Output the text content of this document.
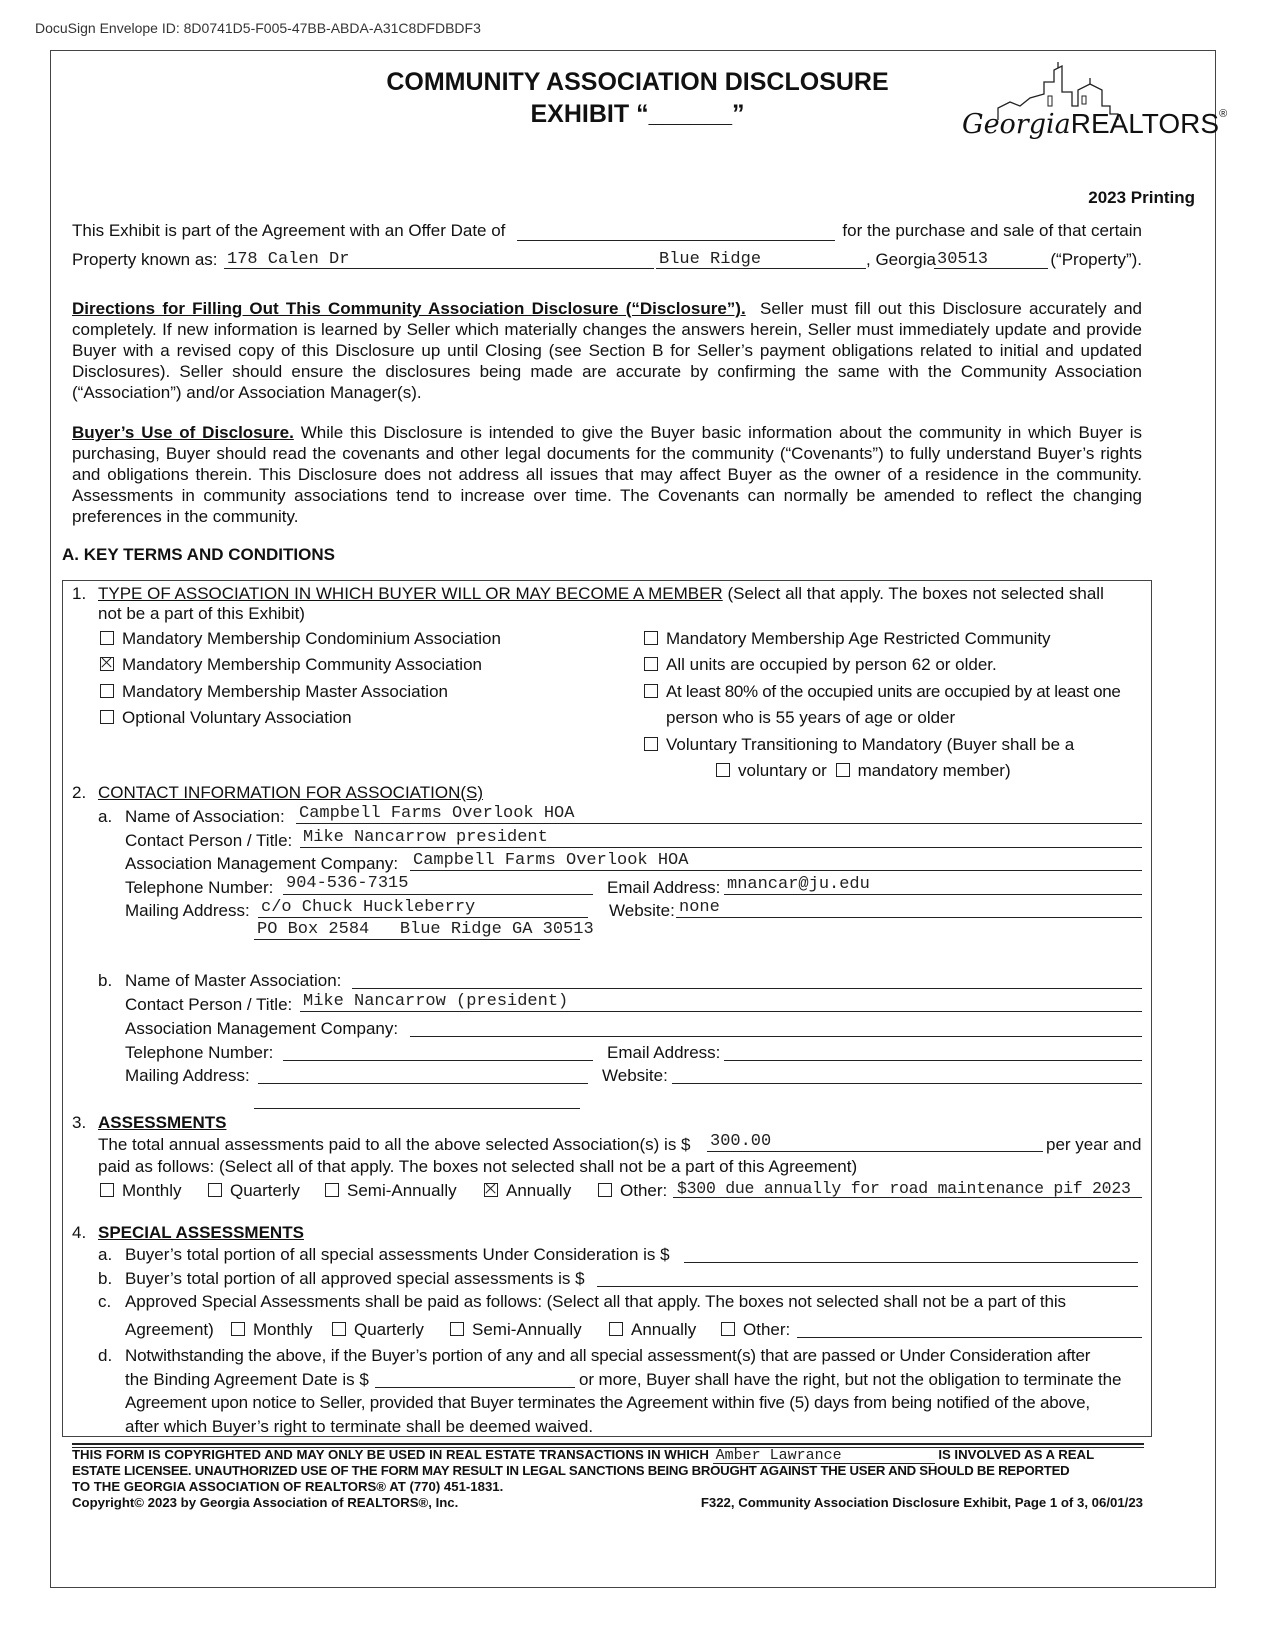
DocuSign Envelope ID: 8D0741D5-F005-47BB-ABDA-A31C8DFDBDF3
COMMUNITY ASSOCIATION DISCLOSURE
EXHIBIT “______”	GeorgiaREALTORS®
2023 Printing
This Exhibit is part of the Agreement with an Offer Date of	for the purchase and sale of that certain
Property known as: 178 Calen Dr	Blue Ridge	, Georgia 30513	(“Property”).
Directions for Filling Out This Community Association Disclosure (“Disclosure”). Seller must fill out this Disclosure accurately and completely. If new information is learned by Seller which materially changes the answers herein, Seller must immediately update and provide Buyer with a revised copy of this Disclosure up until Closing (see Section B for Seller’s payment obligations related to initial and updated Disclosures). Seller should ensure the disclosures being made are accurate by confirming the same with the Community Association (“Association”) and/or Association Manager(s).
Buyer’s Use of Disclosure. While this Disclosure is intended to give the Buyer basic information about the community in which Buyer is purchasing, Buyer should read the covenants and other legal documents for the community (“Covenants”) to fully understand Buyer’s rights and obligations therein. This Disclosure does not address all issues that may affect Buyer as the owner of a residence in the community. Assessments in community associations tend to increase over time. The Covenants can normally be amended to reflect the changing preferences in the community.
A. KEY TERMS AND CONDITIONS
1. TYPE OF ASSOCIATION IN WHICH BUYER WILL OR MAY BECOME A MEMBER (Select all that apply. The boxes not selected shall
not be a part of this Exhibit)
Mandatory Membership Condominium Association
Mandatory Membership Community Association
Mandatory Membership Master Association
Optional Voluntary Association
Mandatory Membership Age Restricted Community
All units are occupied by person 62 or older.
At least 80% of the occupied units are occupied by at least one
person who is 55 years of age or older
Voluntary Transitioning to Mandatory (Buyer shall be a
voluntary or mandatory member)
2. CONTACT INFORMATION FOR ASSOCIATION(S)
a. Name of Association: Campbell Farms Overlook HOA
Contact Person / Title: Mike Nancarrow president
Association Management Company: Campbell Farms Overlook HOA
Telephone Number: 904-536-7315	Email Address: mnancar@ju.edu
Mailing Address: c/o Chuck Huckleberry	Website: none
PO Box 2584   Blue Ridge GA 30513
b. Name of Master Association:
Contact Person / Title: Mike Nancarrow (president)
Association Management Company:
Telephone Number:	Email Address:
Mailing Address:	Website:
3. ASSESSMENTS
The total annual assessments paid to all the above selected Association(s) is $ 300.00	per year and
paid as follows: (Select all of that apply. The boxes not selected shall not be a part of this Agreement)
Monthly	Quarterly	Semi-Annually	Annually	Other: $300 due annually for road maintenance pif 2023
4. SPECIAL ASSESSMENTS
a. Buyer’s total portion of all special assessments Under Consideration is $
b. Buyer’s total portion of all approved special assessments is $
c. Approved Special Assessments shall be paid as follows: (Select all that apply. The boxes not selected shall not be a part of this
Agreement)	Monthly	Quarterly	Semi-Annually	Annually	Other:
d. Notwithstanding the above, if the Buyer’s portion of any and all special assessment(s) that are passed or Under Consideration after
the Binding Agreement Date is $	or more, Buyer shall have the right, but not the obligation to terminate the
Agreement upon notice to Seller, provided that Buyer terminates the Agreement within five (5) days from being notified of the above,
after which Buyer’s right to terminate shall be deemed waived.
THIS FORM IS COPYRIGHTED AND MAY ONLY BE USED IN REAL ESTATE TRANSACTIONS IN WHICH Amber Lawrance	IS INVOLVED AS A REAL
ESTATE LICENSEE. UNAUTHORIZED USE OF THE FORM MAY RESULT IN LEGAL SANCTIONS BEING BROUGHT AGAINST THE USER AND SHOULD BE REPORTED
TO THE GEORGIA ASSOCIATION OF REALTORS® AT (770) 451-1831.
Copyright© 2023 by Georgia Association of REALTORS®, Inc.	F322, Community Association Disclosure Exhibit, Page 1 of 3, 06/01/23
